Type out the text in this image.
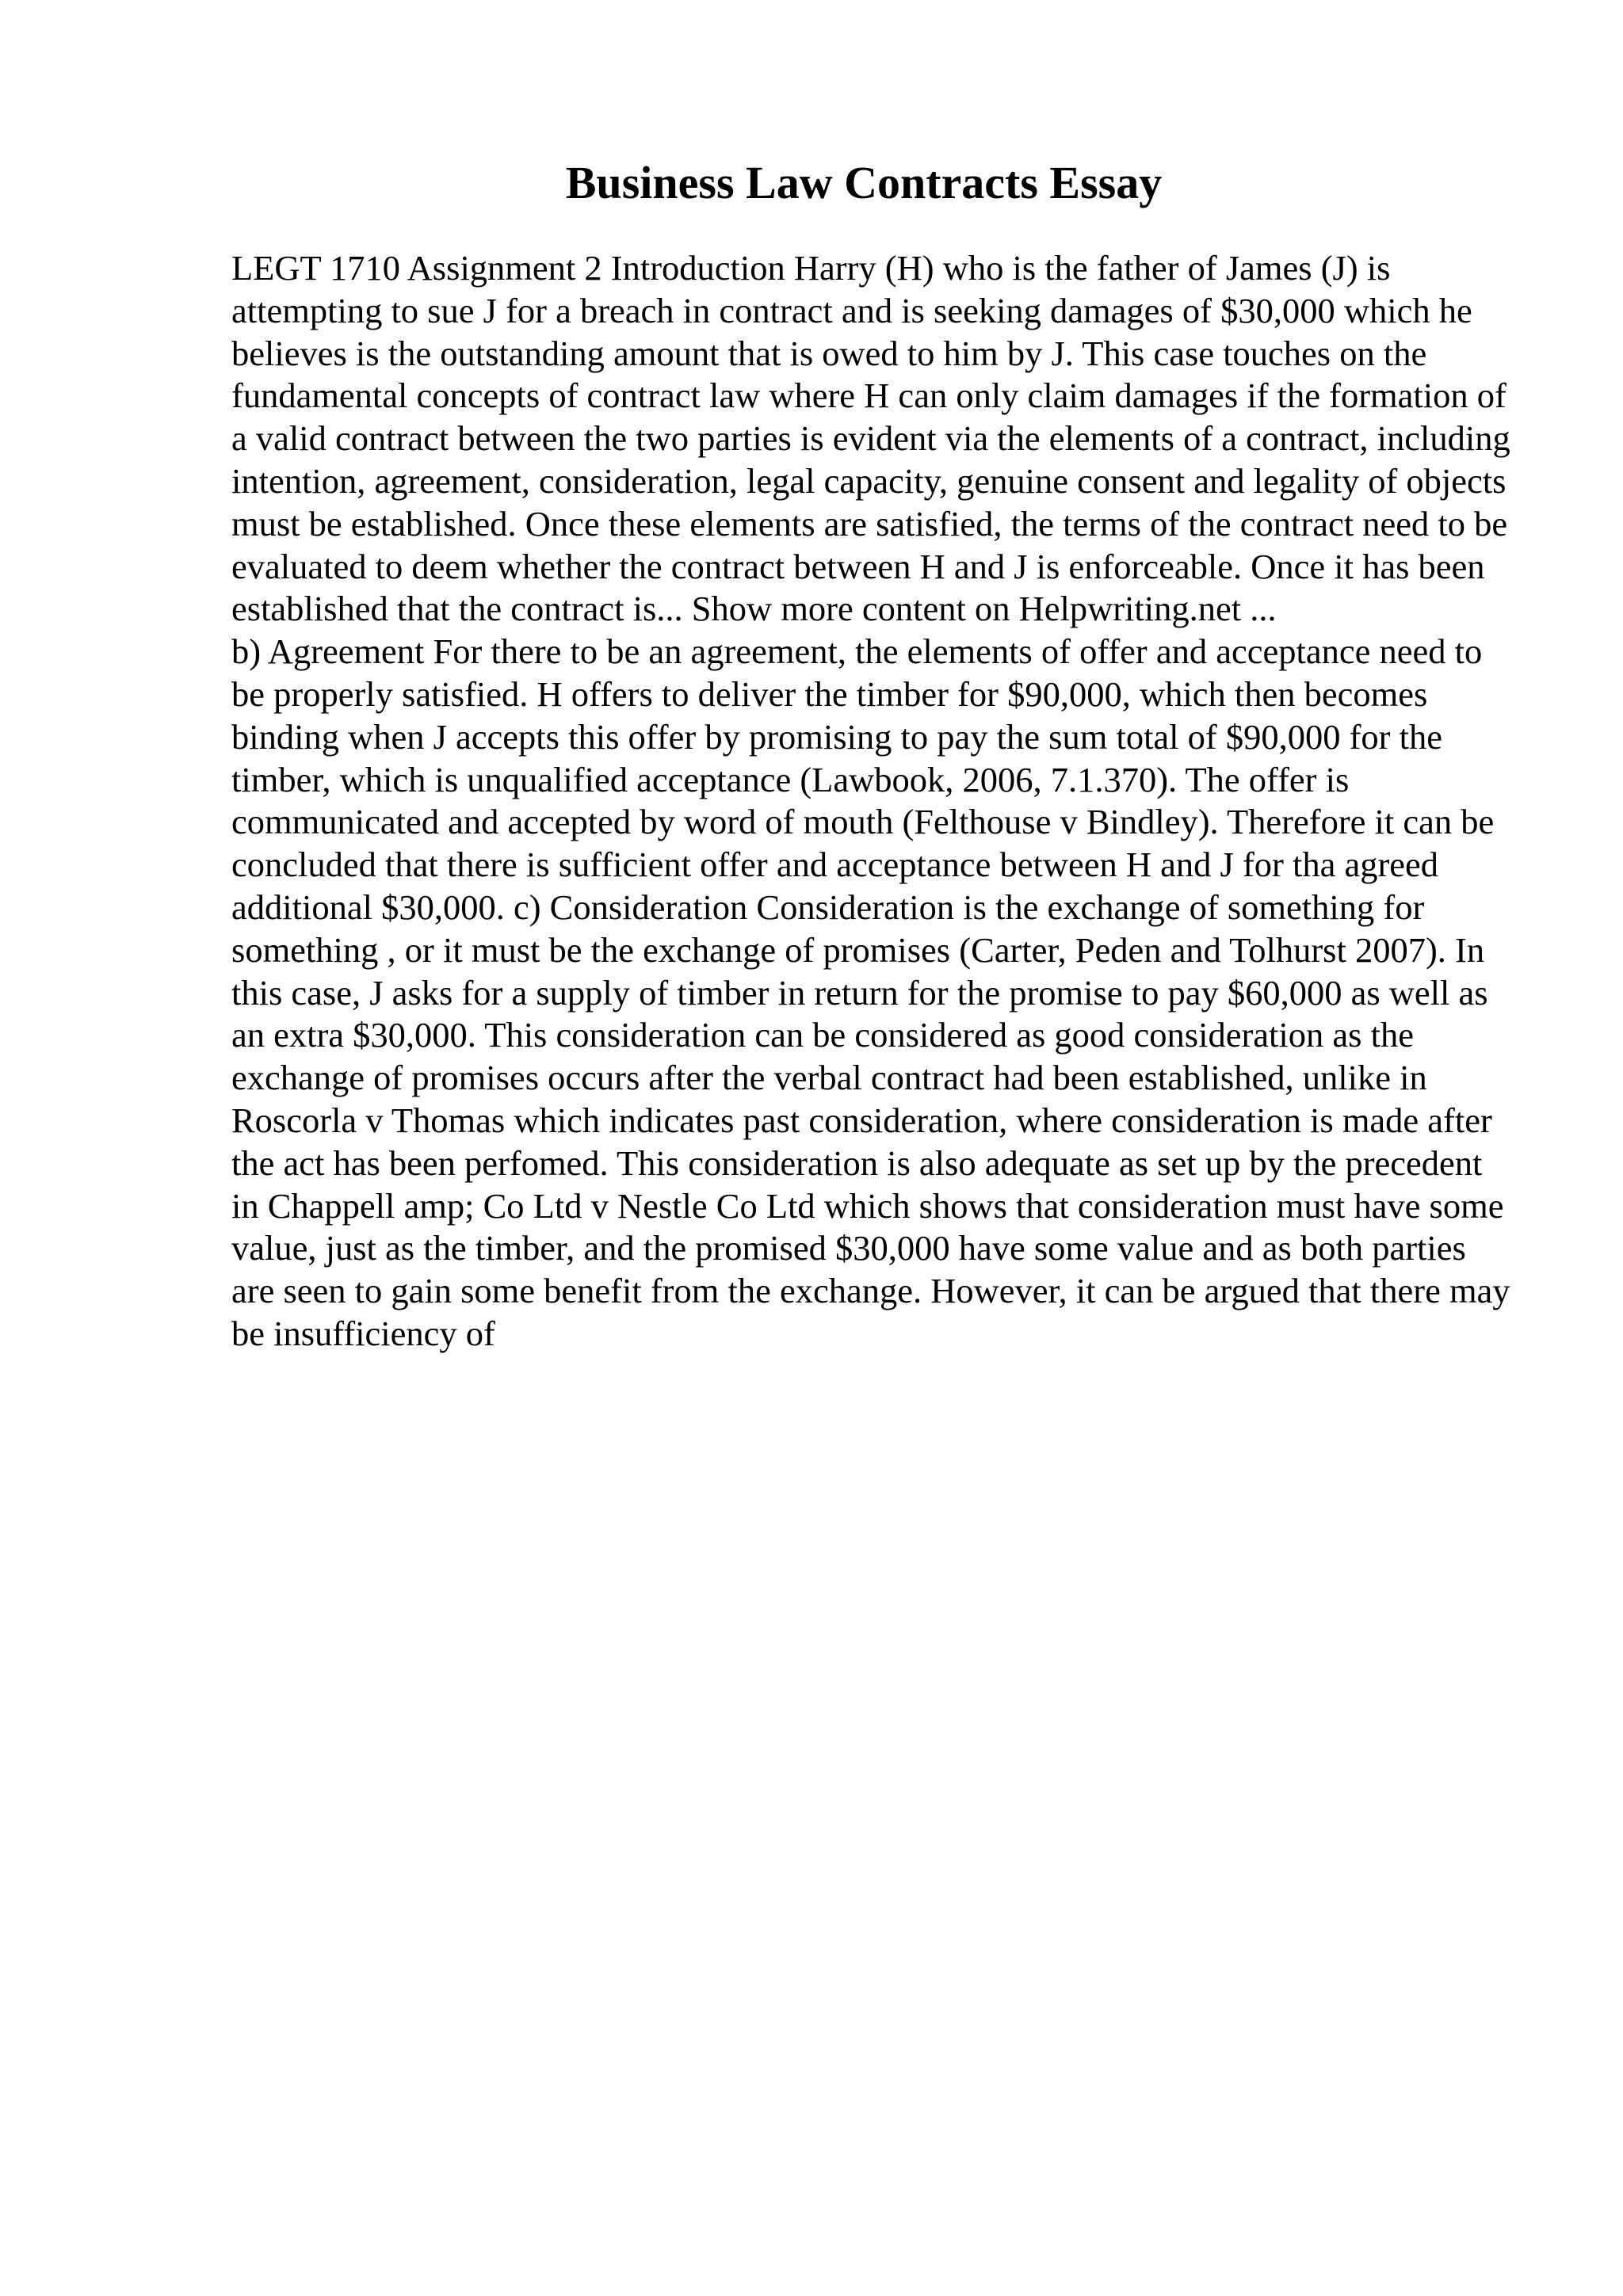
Business Law Contracts Essay

LEGT 1710 Assignment 2 Introduction Harry (H) who is the father of James (J) is attempting to sue J for a breach in contract and is seeking damages of $30,000 which he believes is the outstanding amount that is owed to him by J. This case touches on the fundamental concepts of contract law where H can only claim damages if the formation of a valid contract between the two parties is evident via the elements of a contract, including intention, agreement, consideration, legal capacity, genuine consent and legality of objects must be established. Once these elements are satisfied, the terms of the contract need to be evaluated to deem whether the contract between H and J is enforceable. Once it has been established that the contract is... Show more content on Helpwriting.net ...

b) Agreement For there to be an agreement, the elements of offer and acceptance need to be properly satisfied. H offers to deliver the timber for $90,000, which then becomes binding when J accepts this offer by promising to pay the sum total of $90,000 for the timber, which is unqualified acceptance (Lawbook, 2006, 7.1.370). The offer is communicated and accepted by word of mouth (Felthouse v Bindley). Therefore it can be concluded that there is sufficient offer and acceptance between H and J for tha agreed additional $30,000. c) Consideration Consideration is the exchange of something for something , or it must be the exchange of promises (Carter, Peden and Tolhurst 2007). In this case, J asks for a supply of timber in return for the promise to pay $60,000 as well as an extra $30,000. This consideration can be considered as good consideration as the exchange of promises occurs after the verbal contract had been established, unlike in Roscorla v Thomas which indicates past consideration, where consideration is made after the act has been perfomed. This consideration is also adequate as set up by the precedent in Chappell amp; Co Ltd v Nestle Co Ltd which shows that consideration must have some value, just as the timber, and the promised $30,000 have some value and as both parties are seen to gain some benefit from the exchange. However, it can be argued that there may be insufficiency of
